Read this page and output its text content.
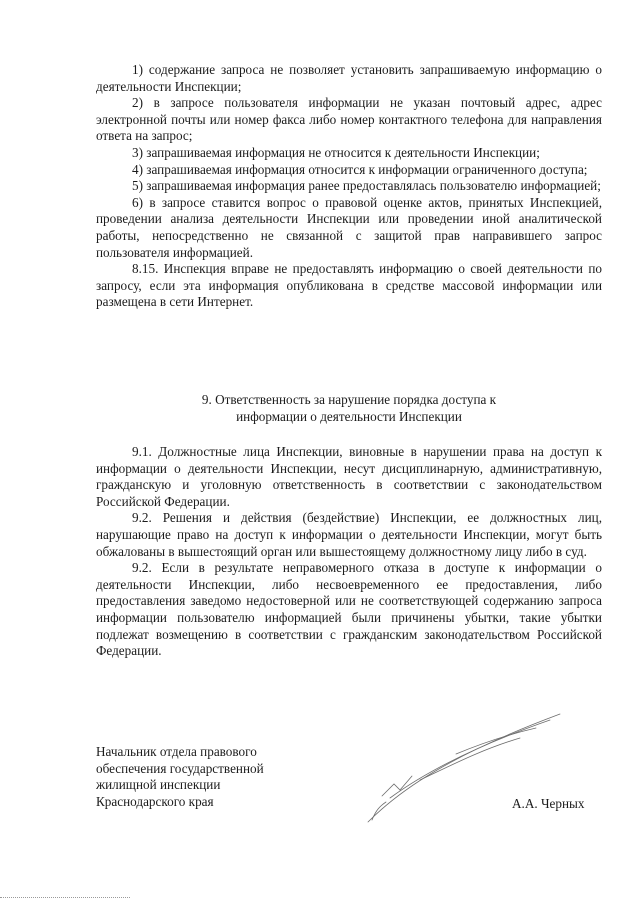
1) содержание запроса не позволяет установить запрашиваемую информацию о деятельности Инспекции;

2) в запросе пользователя информации не указан почтовый адрес, адрес электронной почты или номер факса либо номер контактного телефона для направления ответа на запрос;

3) запрашиваемая информация не относится к деятельности Инспекции;

4) запрашиваемая информация относится к информации ограниченного доступа;

5) запрашиваемая информация ранее предоставлялась пользователю информацией;

6) в запросе ставится вопрос о правовой оценке актов, принятых Инспекцией, проведении анализа деятельности Инспекции или проведении иной аналитической работы, непосредственно не связанной с защитой прав направившего запрос пользователя информацией.

8.15. Инспекция вправе не предоставлять информацию о своей деятельности по запросу, если эта информация опубликована в средстве массовой информации или размещена в сети Интернет.

9. Ответственность за нарушение порядка доступа к
информации о деятельности Инспекции

9.1. Должностные лица Инспекции, виновные в нарушении права на доступ к информации о деятельности Инспекции, несут дисциплинарную, административную, гражданскую и уголовную ответственность в соответствии с законодательством Российской Федерации.

9.2. Решения и действия (бездействие) Инспекции, ее должностных лиц, нарушающие право на доступ к информации о деятельности Инспекции, могут быть обжалованы в вышестоящий орган или вышестоящему должностному лицу либо в суд.

9.2. Если в результате неправомерного отказа в доступе к информации о деятельности Инспекции, либо несвоевременного ее предоставления, либо предоставления заведомо недостоверной или не соответствующей содержанию запроса информации пользователю информацией были причинены убытки, такие убытки подлежат возмещению в соответствии с гражданским законодательством Российской Федерации.

Начальник отдела правового
обеспечения государственной
жилищной инспекции
Краснодарского края	А.А. Черных
